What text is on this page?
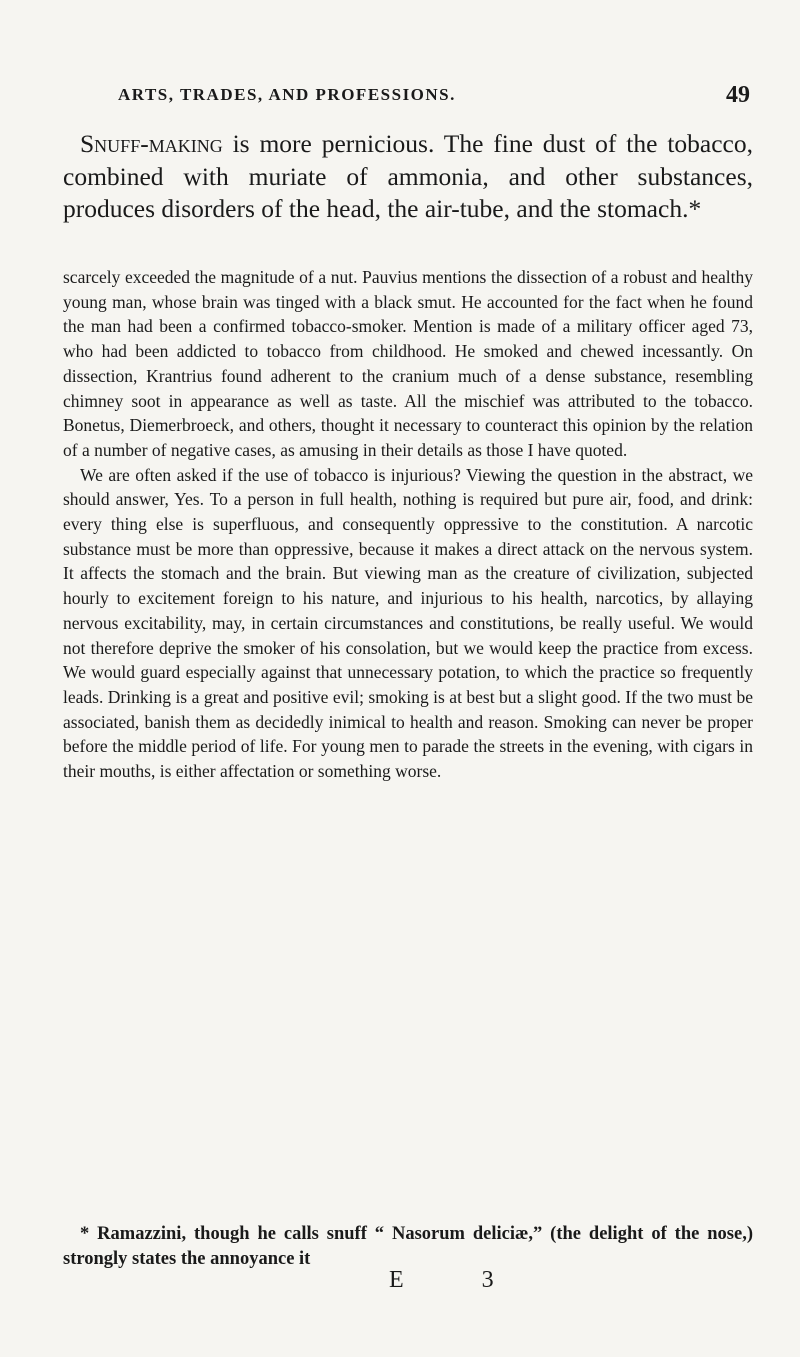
ARTS, TRADES, AND PROFESSIONS.	49

Snuff-making is more pernicious. The fine dust of the tobacco, combined with muriate of ammonia, and other substances, produces disorders of the head, the air-tube, and the stomach.*

scarcely exceeded the magnitude of a nut. Pauvius mentions the dissection of a robust and healthy young man, whose brain was tinged with a black smut. He accounted for the fact when he found the man had been a confirmed tobacco-smoker. Mention is made of a military officer aged 73, who had been addicted to tobacco from childhood. He smoked and chewed incessantly. On dissection, Krantrius found adherent to the cranium much of a dense substance, resembling chimney soot in appearance as well as taste. All the mischief was attributed to the tobacco. Bonetus, Diemerbroeck, and others, thought it necessary to counteract this opinion by the relation of a number of negative cases, as amusing in their details as those I have quoted.

We are often asked if the use of tobacco is injurious? Viewing the question in the abstract, we should answer, Yes. To a person in full health, nothing is required but pure air, food, and drink: every thing else is superfluous, and consequently oppressive to the constitution. A narcotic substance must be more than oppressive, because it makes a direct attack on the nervous system. It affects the stomach and the brain. But viewing man as the creature of civilization, subjected hourly to excitement foreign to his nature, and injurious to his health, narcotics, by allaying nervous excitability, may, in certain circumstances and constitutions, be really useful. We would not therefore deprive the smoker of his consolation, but we would keep the practice from excess. We would guard especially against that unnecessary potation, to which the practice so frequently leads. Drinking is a great and positive evil; smoking is at best but a slight good. If the two must be associated, banish them as decidedly inimical to health and reason. Smoking can never be proper before the middle period of life. For young men to parade the streets in the evening, with cigars in their mouths, is either affectation or something worse.

* Ramazzini, though he calls snuff “ Nasorum deliciæ,” (the delight of the nose,) strongly states the annoyance it

E 3
